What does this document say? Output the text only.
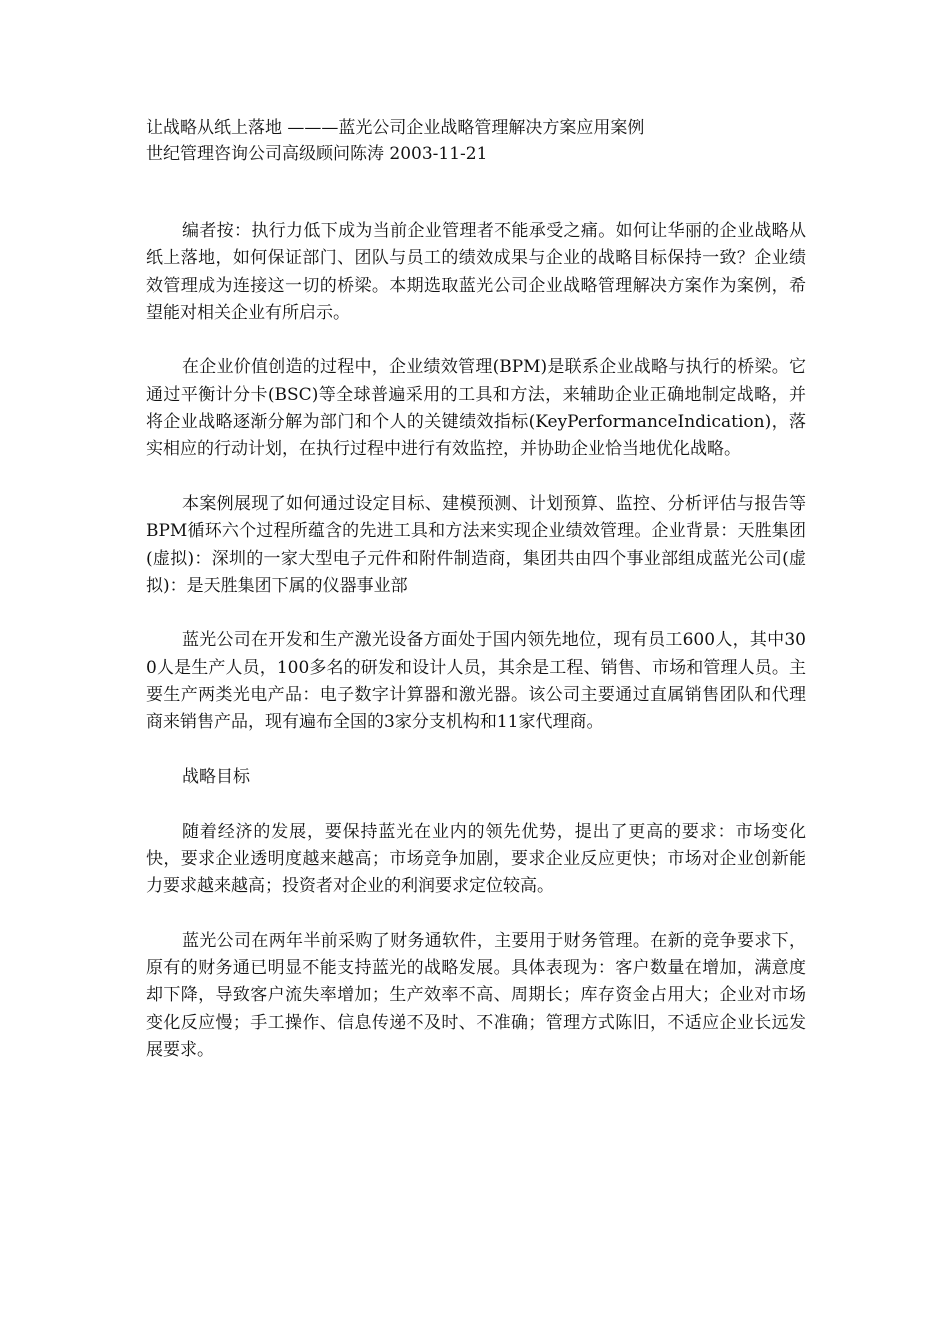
让战略从纸上落地 ———蓝光公司企业战略管理解决方案应用案例
世纪管理咨询公司高级顾问陈涛 2003-11-21

编者按：执行力低下成为当前企业管理者不能承受之痛。如何让华丽的企业战略从纸上落地，如何保证部门、团队与员工的绩效成果与企业的战略目标保持一致？企业绩效管理成为连接这一切的桥梁。本期选取蓝光公司企业战略管理解决方案作为案例，希望能对相关企业有所启示。

在企业价值创造的过程中，企业绩效管理(BPM)是联系企业战略与执行的桥梁。它通过平衡计分卡(BSC)等全球普遍采用的工具和方法，来辅助企业正确地制定战略，并将企业战略逐渐分解为部门和个人的关键绩效指标(KeyPerformanceIndication)，落实相应的行动计划，在执行过程中进行有效监控，并协助企业恰当地优化战略。

本案例展现了如何通过设定目标、建模预测、计划预算、监控、分析评估与报告等BPM循环六个过程所蕴含的先进工具和方法来实现企业绩效管理。企业背景：天胜集团(虚拟)：深圳的一家大型电子元件和附件制造商，集团共由四个事业部组成蓝光公司(虚拟)：是天胜集团下属的仪器事业部

蓝光公司在开发和生产激光设备方面处于国内领先地位，现有员工600人，其中300人是生产人员，100多名的研发和设计人员，其余是工程、销售、市场和管理人员。主要生产两类光电产品：电子数字计算器和激光器。该公司主要通过直属销售团队和代理商来销售产品，现有遍布全国的3家分支机构和11家代理商。

战略目标

随着经济的发展，要保持蓝光在业内的领先优势，提出了更高的要求：市场变化快，要求企业透明度越来越高；市场竞争加剧，要求企业反应更快；市场对企业创新能力要求越来越高；投资者对企业的利润要求定位较高。

蓝光公司在两年半前采购了财务通软件，主要用于财务管理。在新的竞争要求下，原有的财务通已明显不能支持蓝光的战略发展。具体表现为：客户数量在增加，满意度却下降，导致客户流失率增加；生产效率不高、周期长；库存资金占用大；企业对市场变化反应慢；手工操作、信息传递不及时、不准确；管理方式陈旧，不适应企业长远发展要求。
